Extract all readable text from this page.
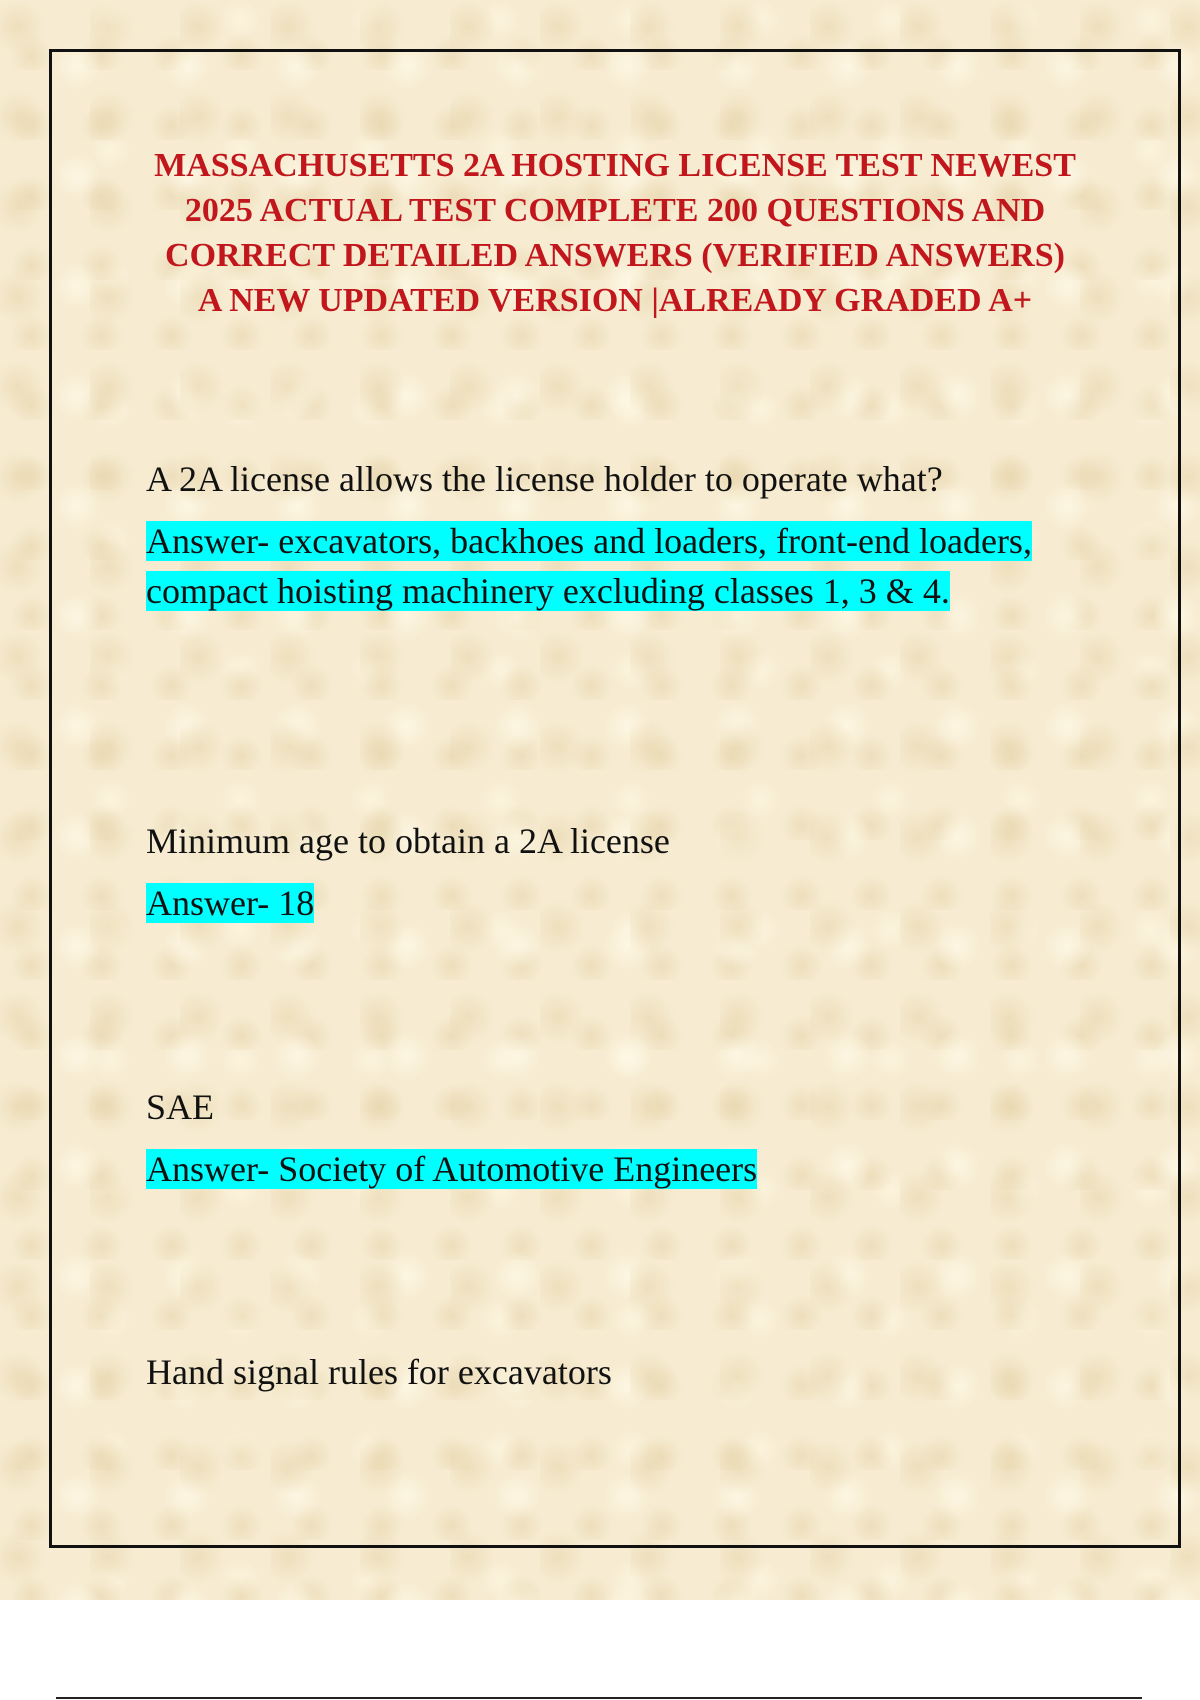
MASSACHUSETTS 2A HOSTING LICENSE TEST NEWEST 2025 ACTUAL TEST COMPLETE 200 QUESTIONS AND CORRECT DETAILED ANSWERS (VERIFIED ANSWERS) A NEW UPDATED VERSION |ALREADY GRADED A+

A 2A license allows the license holder to operate what?

Answer- excavators, backhoes and loaders, front-end loaders, compact hoisting machinery excluding classes 1, 3 & 4.

Minimum age to obtain a 2A license

Answer- 18

SAE

Answer- Society of Automotive Engineers

Hand signal rules for excavators
